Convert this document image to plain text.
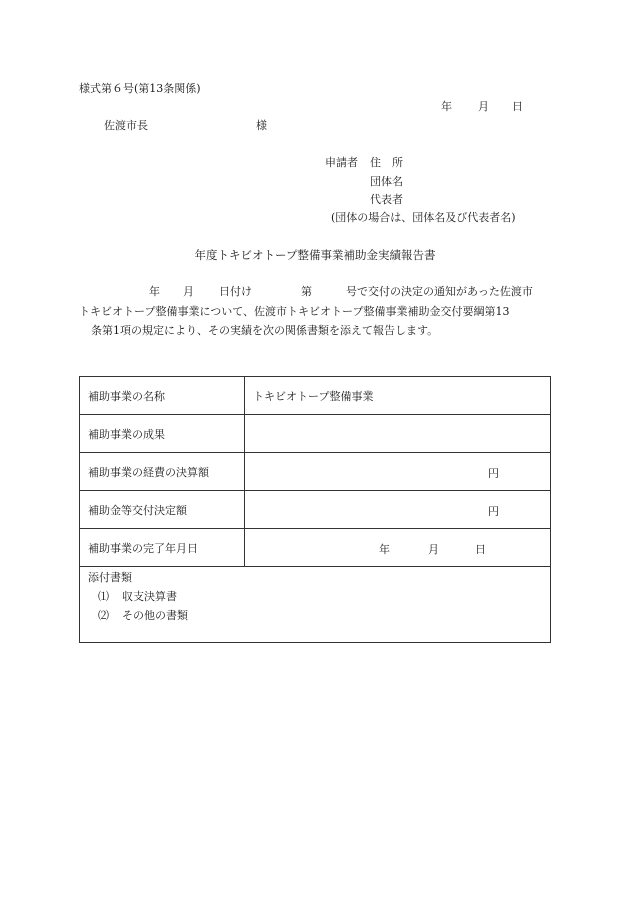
様式第６号(第13条関係)
年 月 日
佐渡市長	様
申請者 住　所
団体名
代表者
(団体の場合は、団体名及び代表者名)
年度トキビオトープ整備事業補助金実績報告書
年 月 日付け	第	号で交付の決定の通知があった佐渡市
トキビオトープ整備事業について、佐渡市トキビオトープ整備事業補助金交付要綱第13
条第1項の規定により、その実績を次の関係書類を添えて報告します。
補助事業の名称	トキビオトープ整備事業
補助事業の成果	
補助事業の経費の決算額	円

補助金等交付決定額	円

補助事業の完了年月日	年 月 日

添付書類
⑴ 収支決算書
⑵ その他の書類	
